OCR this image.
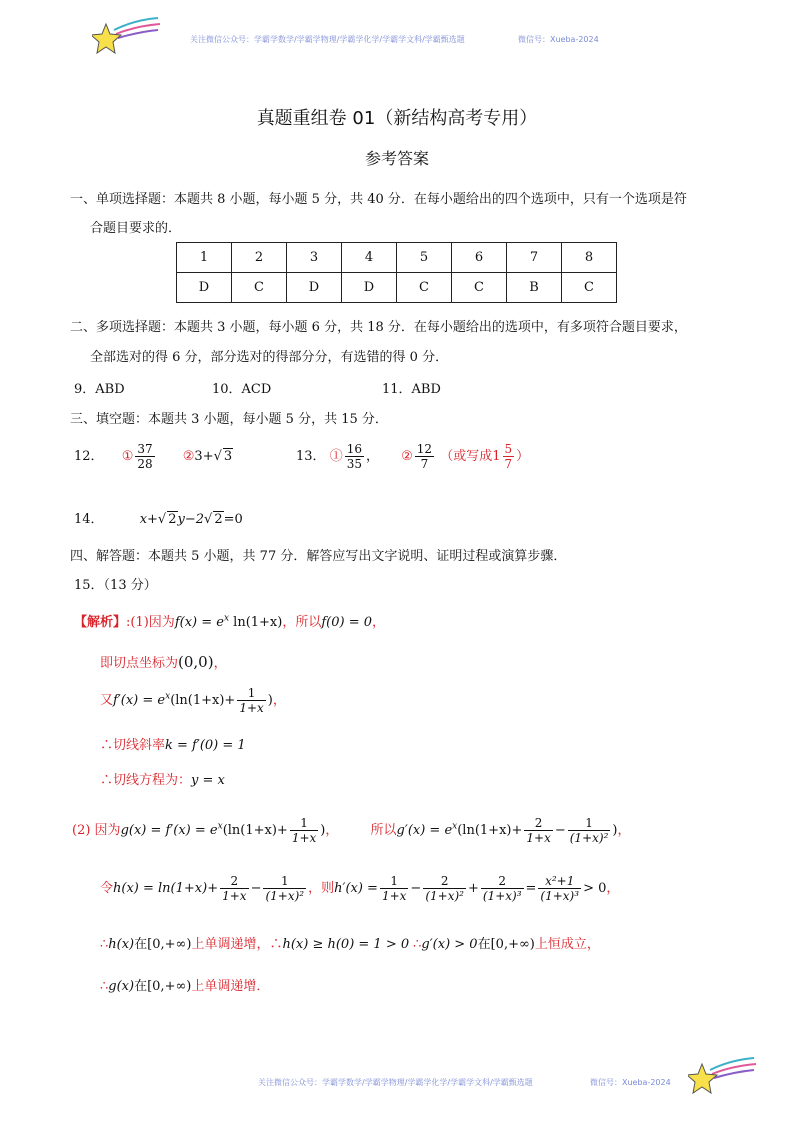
关注微信公众号：学霸学数学/学霸学物理/学霸学化学/学霸学文科/学霸甄选题	微信号：Xueba-2024
真题重组卷 01（新结构高考专用）
参考答案
一、单项选择题：本题共 8 小题，每小题 5 分，共 40 分．在每小题给出的四个选项中，只有一个选项是符
合题目要求的．
1	2	3	4	5	6	7	8
D	C	D	D	C	C	B	C
二、多项选择题：本题共 3 小题，每小题 6 分，共 18 分．在每小题给出的选项中，有多项符合题目要求，
全部选对的得 6 分，部分选对的得部分分，有选错的得 0 分．
9．ABD	10．ACD	11．ABD
三、填空题：本题共 3 小题，每小题 5 分，共 15 分．
12． ① $\frac{37}{28}$ ②3+√ 3	13． ① $\frac{16}{35}$ ， ② $\frac{12}{7}$ （或写成$1 \frac{5}{7}$ ）
14．	x+√ 2y−2√ 2=0
四、解答题：本题共 5 小题，共 77 分．解答应写出文字说明、证明过程或演算步骤．
15．（13 分）
【解析】:(1)因为$f(x) = e^x$ ln(1+x)，所以f(0) = 0，
即切点坐标为(0,0)，
又$f'(x) = e^x(\ln(1+x)+ \frac{1}{1+x}$ )，
∴切线斜率k = f′(0) = 1
∴切线方程为：y = x
(2) 因为$g(x) = f'(x) = e^x(\ln(1+x)+ \frac{1}{1+x}$ )， 所以$g'(x) = e^x(\ln(1+x)+ \frac{2}{1+x} - \frac{1}{\text{(1+x)²}}$ )，
令$h(x) = \ln(1+x)+ \frac{2}{1+x} - \frac{1}{\text{(1+x)²}}$ ，则$h'(x) = \frac{1}{1+x} - \frac{2}{\text{(1+x)²}} + \frac{2}{\text{(1+x)³}} = \frac{\text{x²+1}}{\text{(1+x)³}} > 0$，
∴h(x)在[0,+∞)上单调递增，∴h(x) ≥ h(0) = 1 > 0 ∴g′(x) > 0在[0,+∞)上恒成立，
∴g(x)在[0,+∞)上单调递增．
关注微信公众号：学霸学数学/学霸学物理/学霸学化学/学霸学文科/学霸甄选题	微信号：Xueba-2024
